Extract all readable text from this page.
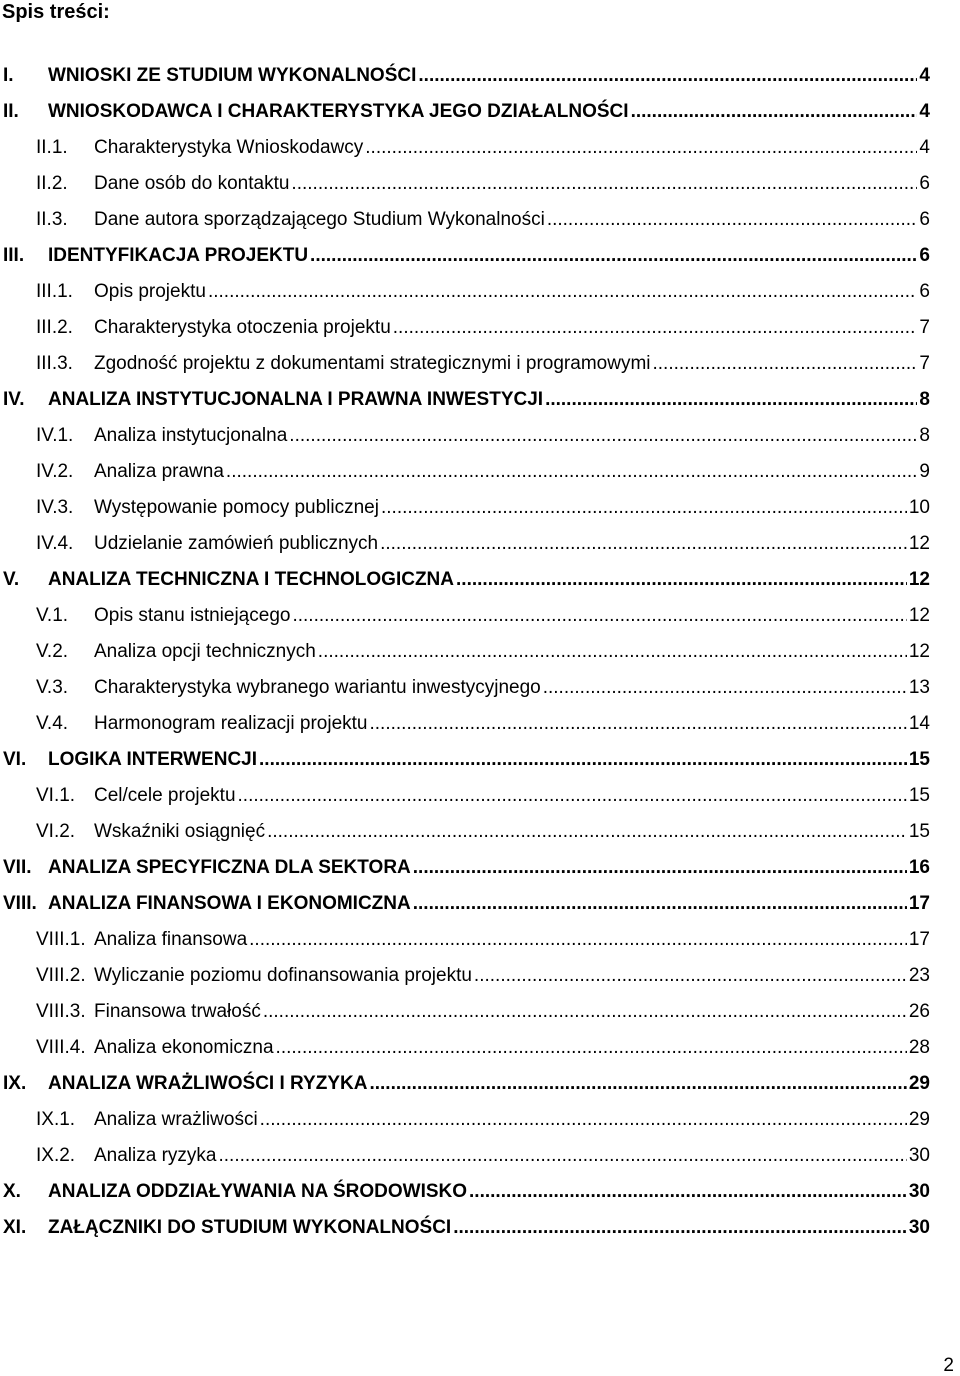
Spis treści:
I.	WNIOSKI ZE STUDIUM WYKONALNOŚCI .....	4
II.	WNIOSKODAWCA I CHARAKTERYSTYKA JEGO DZIAŁALNOŚCI .....	4
II.1.	Charakterystyka Wnioskodawcy .....	4
II.2.	Dane osób do kontaktu .....	6
II.3.	Dane autora sporządzającego Studium Wykonalności .....	6
III.	IDENTYFIKACJA PROJEKTU .....	6
III.1.	Opis projektu .....	6
III.2.	Charakterystyka otoczenia projektu .....	7
III.3.	Zgodność projektu z dokumentami strategicznymi i programowymi .....	7
IV.	ANALIZA INSTYTUCJONALNA I PRAWNA INWESTYCJI .....	8
IV.1.	Analiza instytucjonalna .....	8
IV.2.	Analiza prawna .....	9
IV.3.	Występowanie pomocy publicznej .....	10
IV.4.	Udzielanie zamówień publicznych .....	12
V.	ANALIZA TECHNICZNA I TECHNOLOGICZNA .....	12
V.1.	Opis stanu istniejącego .....	12
V.2.	Analiza opcji technicznych .....	12
V.3.	Charakterystyka wybranego wariantu inwestycyjnego .....	13
V.4.	Harmonogram realizacji projektu .....	14
VI.	LOGIKA INTERWENCJI .....	15
VI.1. Cel/cele projektu .....	15
VI.2. Wskaźniki osiągnięć .....	15
VII. ANALIZA SPECYFICZNA DLA SEKTORA .....	16
VIII. ANALIZA FINANSOWA I EKONOMICZNA .....	17
VIII.1. Analiza finansowa .....	17
VIII.2. Wyliczanie poziomu dofinansowania projektu .....	23
VIII.3. Finansowa trwałość .....	26
VIII.4. Analiza ekonomiczna .....	28
IX.	ANALIZA WRAŻLIWOŚCI I RYZYKA .....	29
IX.1. Analiza wrażliwości .....	29
IX.2. Analiza ryzyka .....	30
X.	ANALIZA ODDZIAŁYWANIA NA ŚRODOWISKO .....	30
XI.	ZAŁĄCZNIKI DO STUDIUM WYKONALNOŚCI .....	30
2
